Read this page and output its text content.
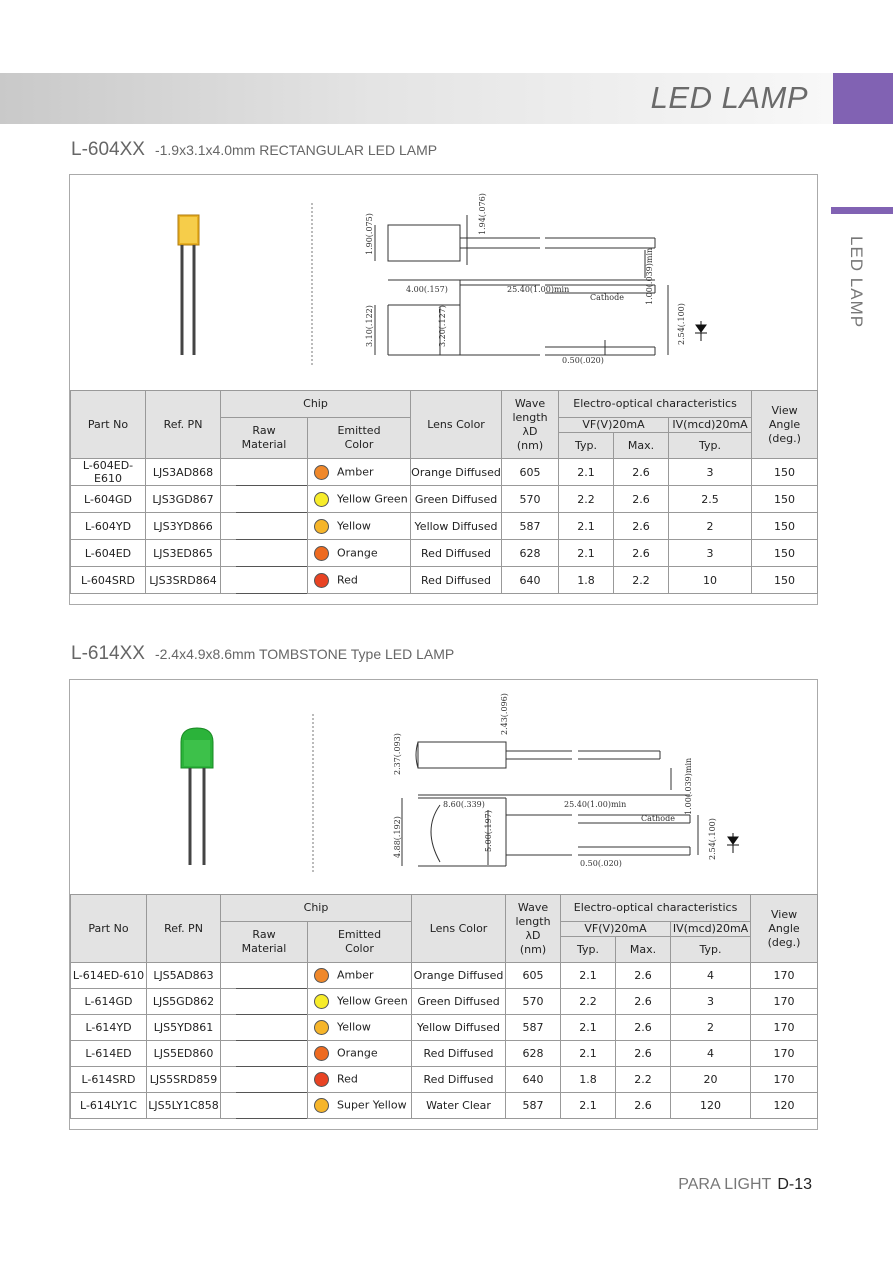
LED LAMP
LED LAMP
L-604XX -1.9x3.1x4.0mm RECTANGULAR LED LAMP
1.90(.075)	1.94(.076)
4.00(.157)	25.40(1.00)min	1.00(.039)min
Cathode
3.10(.122)	3.20(.127)	2.54(.100)
0.50(.020)
Part No	Ref. PN	Chip		Lens Color	Wave
length
λD
(nm)	Electro-optical characteristics			View
Angle
(deg.)
		Raw
Material	Emitted
Color			VF(V)20mA		IV(mcd)20mA	
						Typ.	Max.	Typ.	
L-604ED-E610	LJS3AD868		Amber	Orange Diffused	605	2.1	2.6	3	150
L-604GD	LJS3GD867		Yellow Green	Green Diffused	570	2.2	2.6	2.5	150
L-604YD	LJS3YD866		Yellow	Yellow Diffused	587	2.1	2.6	2	150
L-604ED	LJS3ED865		Orange	Red Diffused	628	2.1	2.6	3	150
L-604SRD	LJS3SRD864		Red	Red Diffused	640	1.8	2.2	10	150
L-614XX -2.4x4.9x8.6mm TOMBSTONE Type LED LAMP
2.37(.093)
2.43(.096)
8.60(.339)	25.40(1.00)min	1.00(.039)min
Cathode
4.88(.192)	5.00(.197)	2.54(.100)
0.50(.020)
Part No	Ref. PN	Chip		Lens Color	Wave
length
λD
(nm)	Electro-optical characteristics			View
Angle
(deg.)
		Raw
Material	Emitted
Color			VF(V)20mA		IV(mcd)20mA	
						Typ.	Max.	Typ.	
L-614ED-610	LJS5AD863		Amber	Orange Diffused	605	2.1	2.6	4	170
L-614GD	LJS5GD862		Yellow Green	Green Diffused	570	2.2	2.6	3	170
L-614YD	LJS5YD861		Yellow	Yellow Diffused	587	2.1	2.6	2	170
L-614ED	LJS5ED860		Orange	Red Diffused	628	2.1	2.6	4	170
L-614SRD	LJS5SRD859		Red	Red Diffused	640	1.8	2.2	20	170
L-614LY1C	LJS5LY1C858		Super Yellow	Water Clear	587	2.1	2.6	120	120
PARA LIGHT D-13
